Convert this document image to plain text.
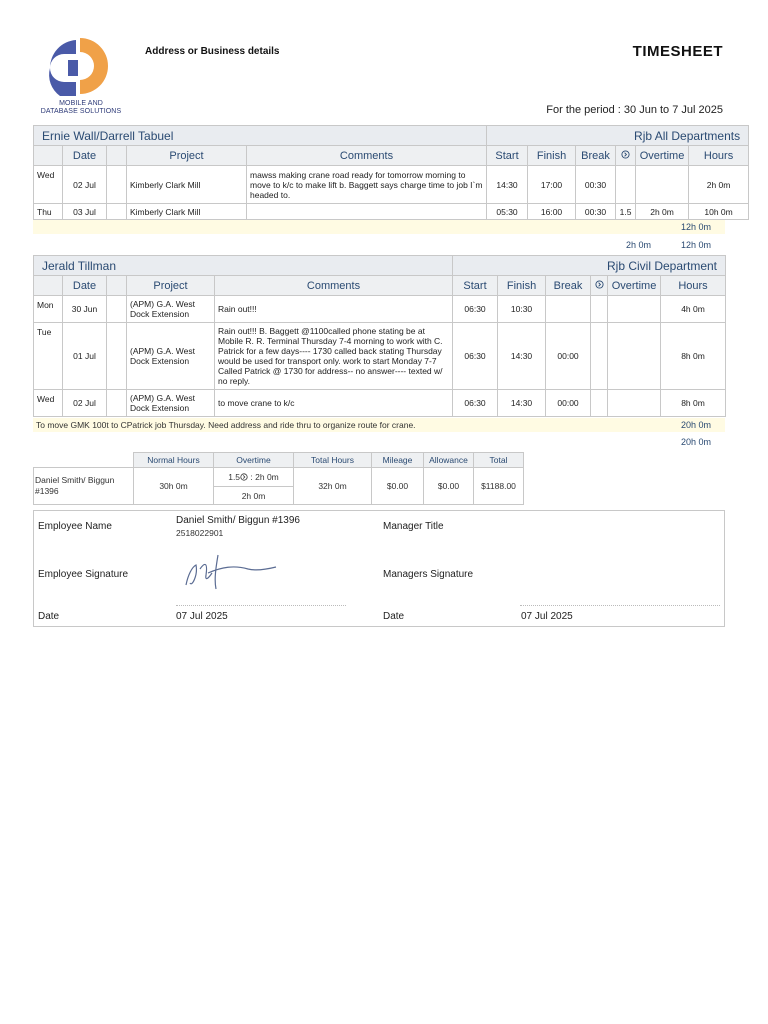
MOBILE AND
DATABASE SOLUTIONS
Address or Business details	TIMESHEET
For the period : 30 Jun to 7 Jul 2025
Ernie Wall/Darrell Tabuel					Rjb All Departments					
	Date		Project	Comments	Start	Finish	Break		Overtime	Hours
Wed	02 Jul		Kimberly Clark Mill	mawss making crane road ready for tomorrow morning to move to k/c to make lift b. Baggett says charge time to job I`m headed to.	14:30	17:00	00:30			2h 0m
Thu	03 Jul		Kimberly Clark Mill		05:30	16:00	00:30	1.5	2h 0m	10h 0m
12h 0m
2h 0m	12h 0m
Jerald Tillman					Rjb Civil Department					
	Date		Project	Comments	Start	Finish	Break		Overtime	Hours
Mon	30 Jun		(APM) G.A. West Dock Extension	Rain out!!!	06:30	10:30				4h 0m
Tue	01 Jul		(APM) G.A. West Dock Extension	Rain out!!! B. Baggett @1100called phone stating be at Mobile R. R. Terminal Thursday 7-4 morning to work with C. Patrick for a few days---- 1730 called back stating Thursday would be used for transport only. work to start Monday 7-7 Called Patrick @ 1730 for address-- no answer---- texted w/ no reply.	06:30	14:30	00:00			8h 0m
Wed	02 Jul		(APM) G.A. West Dock Extension	to move crane to k/c	06:30	14:30	00:00			8h 0m
To move GMK 100t to CPatrick job Thursday. Need address and ride thru to organize route for crane.	20h 0m
20h 0m
	Normal Hours	Overtime	Total Hours	Mileage	Allowance	Total
Daniel Smith/ Biggun #1396	30h 0m	1.5 : 2h 0m	32h 0m	$0.00	$0.00	$1188.00
		2h 0m				
Employee Name
Daniel Smith/ Biggun #1396
2518022901
Manager Title
Employee Signature	Managers Signature
Date	07 Jul 2025	Date	07 Jul 2025
